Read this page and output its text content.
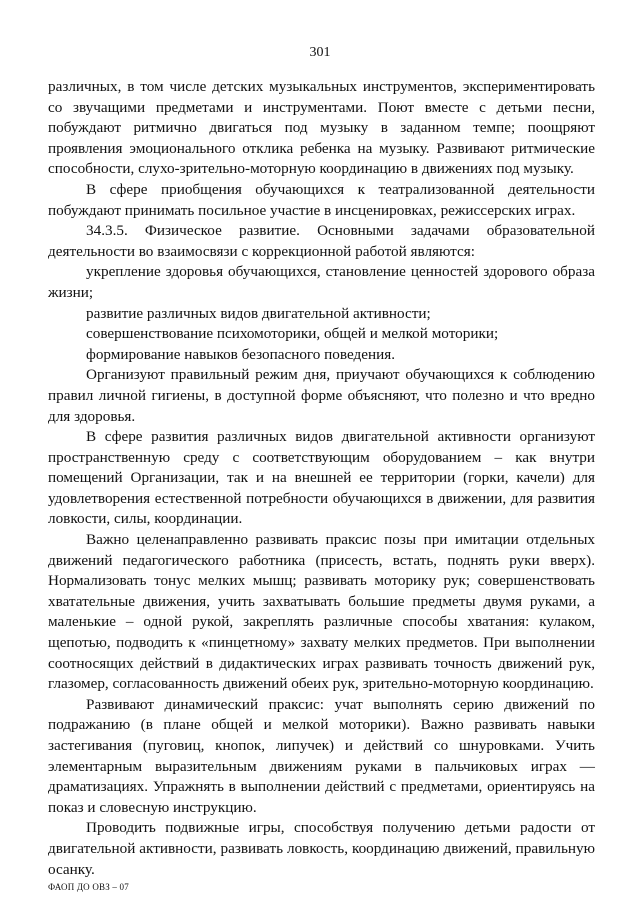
301

различных, в том числе детских музыкальных инструментов, экспериментировать со звучащими предметами и инструментами. Поют вместе с детьми песни, побуждают ритмично двигаться под музыку в заданном темпе; поощряют проявления эмоционального отклика ребенка на музыку. Развивают ритмические способности, слухо-зрительно-моторную координацию в движениях под музыку.

В сфере приобщения обучающихся к театрализованной деятельности побуждают принимать посильное участие в инсценировках, режиссерских играх.

34.3.5. Физическое развитие. Основными задачами образовательной деятельности во взаимосвязи с коррекционной работой являются:

укрепление здоровья обучающихся, становление ценностей здорового образа жизни;

развитие различных видов двигательной активности;

совершенствование психомоторики, общей и мелкой моторики;

формирование навыков безопасного поведения.

Организуют правильный режим дня, приучают обучающихся к соблюдению правил личной гигиены, в доступной форме объясняют, что полезно и что вредно для здоровья.

В сфере развития различных видов двигательной активности организуют пространственную среду с соответствующим оборудованием – как внутри помещений Организации, так и на внешней ее территории (горки, качели) для удовлетворения естественной потребности обучающихся в движении, для развития ловкости, силы, координации.

Важно целенаправленно развивать праксис позы при имитации отдельных движений педагогического работника (присесть, встать, поднять руки вверх). Нормализовать тонус мелких мышц; развивать моторику рук; совершенствовать хватательные движения, учить захватывать большие предметы двумя руками, а маленькие – одной рукой, закреплять различные способы хватания: кулаком, щепотью, подводить к «пинцетному» захвату мелких предметов. При выполнении соотносящих действий в дидактических играх развивать точность движений рук, глазомер, согласованность движений обеих рук, зрительно-моторную координацию.

Развивают динамический праксис: учат выполнять серию движений по подражанию (в плане общей и мелкой моторики). Важно развивать навыки застегивания (пуговиц, кнопок, липучек) и действий со шнуровками. Учить элементарным выразительным движениям руками в пальчиковых играх — драматизациях. Упражнять в выполнении действий с предметами, ориентируясь на показ и словесную инструкцию.

Проводить подвижные игры, способствуя получению детьми радости от двигательной активности, развивать ловкость, координацию движений, правильную осанку.

ФАОП ДО ОВЗ – 07
